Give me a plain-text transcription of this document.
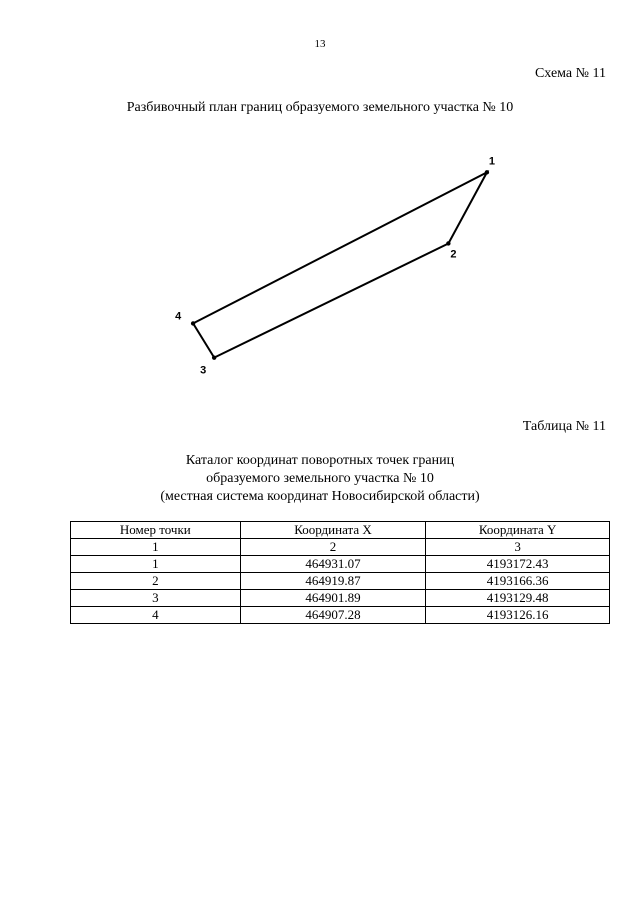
13
Схема № 11
Разбивочный план границ образуемого земельного участка № 10
1
2
3
4
Таблица № 11
Каталог координат поворотных точек границ
образуемого земельного участка № 10
(местная система координат Новосибирской области)
Номер точки	Координата X	Координата Y
1	2	3
1	464931.07	4193172.43
2	464919.87	4193166.36
3	464901.89	4193129.48
4	464907.28	4193126.16
